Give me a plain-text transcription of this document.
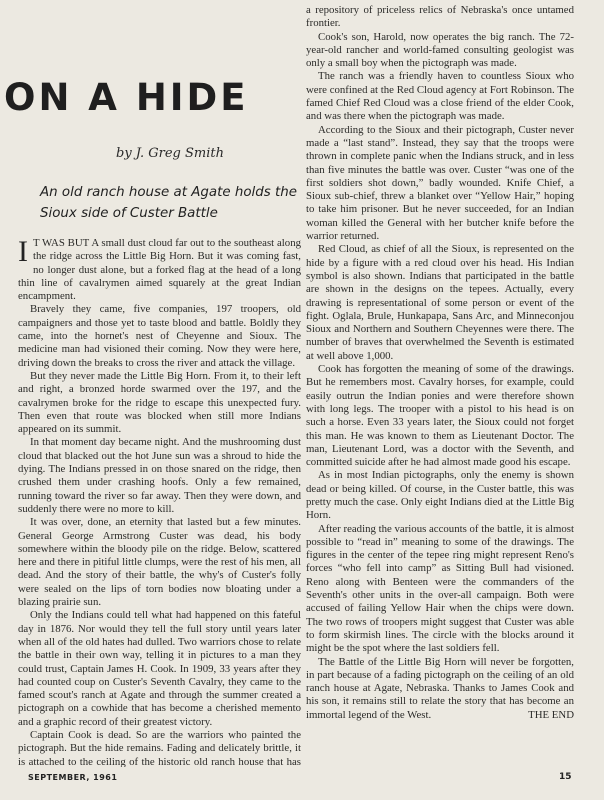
ON A HIDE
by J. Greg Smith
An old ranch house at Agate holds the Sioux side of Custer Battle

I T WAS BUT A small dust cloud far out to the southeast along the ridge across the Little Big Horn. But it was coming fast, no longer dust alone, but a forked flag at the head of a long thin line of cavalrymen aimed squarely at the great Indian encampment.

Bravely they came, five companies, 197 troopers, old campaigners and those yet to taste blood and battle. Boldly they came, into the hornet's nest of Cheyenne and Sioux. The medicine man had visioned their coming. Now they were here, driving down the breaks to cross the river and attack the village.

But they never made the Little Big Horn. From it, to their left and right, a bronzed horde swarmed over the 197, and the cavalrymen broke for the ridge to escape this unexpected fury. Then even that route was blocked when still more Indians appeared on its summit.

In that moment day became night. And the mushrooming dust cloud that blacked out the hot June sun was a shroud to hide the dying. The Indians pressed in on those snared on the ridge, then crushed them under crashing hoofs. Only a few remained, running toward the river so far away. Then they were down, and suddenly there were no more to kill.

It was over, done, an eternity that lasted but a few minutes. General George Armstrong Custer was dead, his body somewhere within the bloody pile on the ridge. Below, scattered here and there in pitiful little clumps, were the rest of his men, all dead. And the story of their battle, the why's of Custer's folly were sealed on the lips of torn bodies now bloating under a blazing prairie sun.

Only the Indians could tell what had happened on this fateful day in 1876. Nor would they tell the full story until years later when all of the old hates had dulled. Two warriors chose to relate the battle in their own way, telling it in pictures to a man they could trust, Captain James H. Cook. In 1909, 33 years after they had counted coup on Custer's Seventh Cavalry, they came to the famed scout's ranch at Agate and through the summer created a pictograph on a cowhide that has become a cherished memento and a graphic record of their greatest victory.

Captain Cook is dead. So are the warriors who painted the pictograph. But the hide remains. Fading and delicately brittle, it is attached to the ceiling of the historic old ranch house that has

a repository of priceless relics of Nebraska's once untamed frontier.

Cook's son, Harold, now operates the big ranch. The 72-year-old rancher and world-famed consulting geologist was only a small boy when the pictograph was made.

The ranch was a friendly haven to countless Sioux who were confined at the Red Cloud agency at Fort Robinson. The famed Chief Red Cloud was a close friend of the elder Cook, and was there when the pictograph was made.

According to the Sioux and their pictograph, Custer never made a “last stand”. Instead, they say that the troops were thrown in complete panic when the Indians struck, and in less than five minutes the battle was over. Custer “was one of the first soldiers shot down,” badly wounded. Knife Chief, a Sioux sub-chief, threw a blanket over “Yellow Hair,” hoping to take him prisoner. But he never succeeded, for an Indian woman killed the General with her butcher knife before the warrior returned.

Red Cloud, as chief of all the Sioux, is represented on the hide by a figure with a red cloud over his head. His Indian symbol is also shown. Indians that participated in the battle are shown in the designs on the tepees. Actually, every drawing is representational of some person or event of the fight. Oglala, Brule, Hunkapapa, Sans Arc, and Minneconjou Sioux and Northern and Southern Cheyennes were there. The number of braves that overwhelmed the Seventh is estimated at well above 1,000.

Cook has forgotten the meaning of some of the drawings. But he remembers most. Cavalry horses, for example, could easily outrun the Indian ponies and were therefore shown with long legs. The trooper with a pistol to his head is on such a horse. Even 33 years later, the Sioux could not forget this man. He was known to them as Lieutenant Doctor. The man, Lieutenant Lord, was a doctor with the Seventh, and committed suicide after he had almost made good his escape.

As in most Indian pictographs, only the enemy is shown dead or being killed. Of course, in the Custer battle, this was pretty much the case. Only eight Indians died at the Little Big Horn.

After reading the various accounts of the battle, it is almost possible to “read in” meaning to some of the drawings. The figures in the center of the tepee ring might represent Reno's forces “who fell into camp” as Sitting Bull had visioned. Reno along with Benteen were the commanders of the Seventh's other units in the over-all campaign. Both were accused of failing Yellow Hair when the chips were down. The two rows of troopers might suggest that Custer was able to form skirmish lines. The circle with the blocks around it might be the spot where the last soldiers fell.

The Battle of the Little Big Horn will never be forgotten, in part because of a fading pictograph on the ceiling of an old ranch house at Agate, Nebraska. Thanks to James Cook and his son, it remains still to relate the story that has become an immortal legend of the West.	THE END

SEPTEMBER, 1961	15
